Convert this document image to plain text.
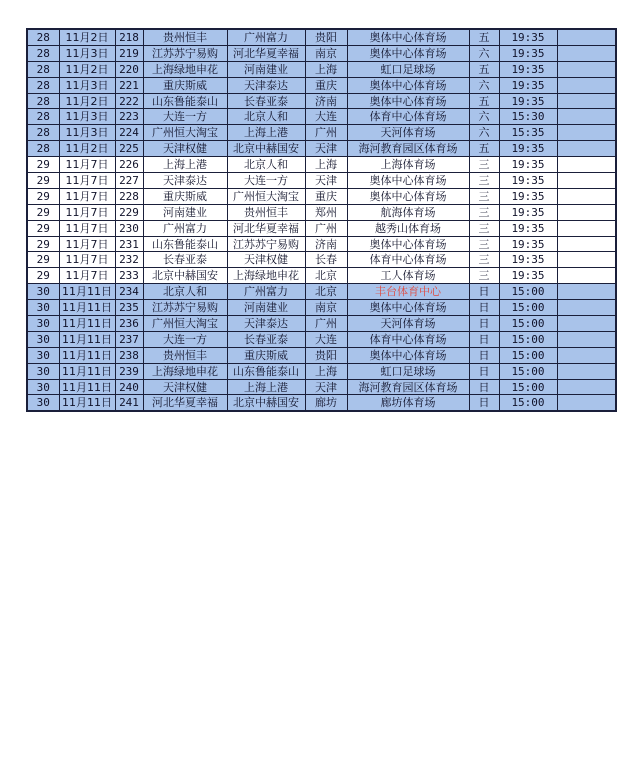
28	11月2日	218	贵州恒丰	广州富力	贵阳	奥体中心体育场	五	19:35	
28	11月3日	219	江苏苏宁易购	河北华夏幸福	南京	奥体中心体育场	六	19:35	
28	11月2日	220	上海绿地申花	河南建业	上海	虹口足球场	五	19:35	
28	11月3日	221	重庆斯威	天津泰达	重庆	奥体中心体育场	六	19:35	
28	11月2日	222	山东鲁能泰山	长春亚泰	济南	奥体中心体育场	五	19:35	
28	11月3日	223	大连一方	北京人和	大连	体育中心体育场	六	15:30	
28	11月3日	224	广州恒大淘宝	上海上港	广州	天河体育场	六	15:35	
28	11月2日	225	天津权健	北京中赫国安	天津	海河教育园区体育场	五	19:35	
29	11月7日	226	上海上港	北京人和	上海	上海体育场	三	19:35	
29	11月7日	227	天津泰达	大连一方	天津	奥体中心体育场	三	19:35	
29	11月7日	228	重庆斯威	广州恒大淘宝	重庆	奥体中心体育场	三	19:35	
29	11月7日	229	河南建业	贵州恒丰	郑州	航海体育场	三	19:35	
29	11月7日	230	广州富力	河北华夏幸福	广州	越秀山体育场	三	19:35	
29	11月7日	231	山东鲁能泰山	江苏苏宁易购	济南	奥体中心体育场	三	19:35	
29	11月7日	232	长春亚泰	天津权健	长春	体育中心体育场	三	19:35	
29	11月7日	233	北京中赫国安	上海绿地申花	北京	工人体育场	三	19:35	
30	11月11日	234	北京人和	广州富力	北京	丰台体育中心	日	15:00	
30	11月11日	235	江苏苏宁易购	河南建业	南京	奥体中心体育场	日	15:00	
30	11月11日	236	广州恒大淘宝	天津泰达	广州	天河体育场	日	15:00	
30	11月11日	237	大连一方	长春亚泰	大连	体育中心体育场	日	15:00	
30	11月11日	238	贵州恒丰	重庆斯威	贵阳	奥体中心体育场	日	15:00	
30	11月11日	239	上海绿地申花	山东鲁能泰山	上海	虹口足球场	日	15:00	
30	11月11日	240	天津权健	上海上港	天津	海河教育园区体育场	日	15:00	
30	11月11日	241	河北华夏幸福	北京中赫国安	廊坊	廊坊体育场	日	15:00	
